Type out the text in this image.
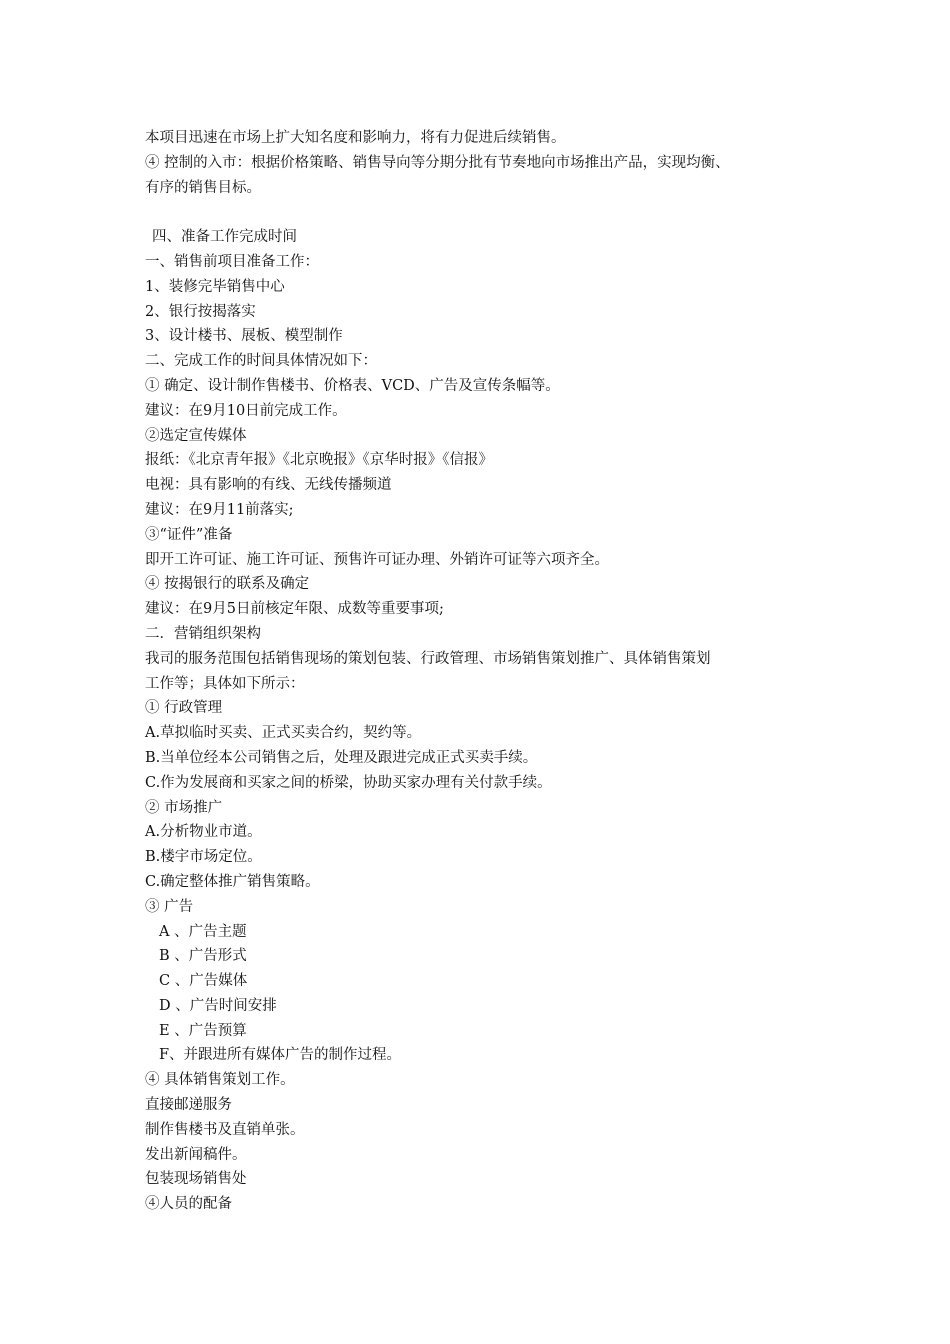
本项目迅速在市场上扩大知名度和影响力，将有力促进后续销售。
④ 控制的入市：根据价格策略、销售导向等分期分批有节奏地向市场推出产品，实现均衡、
有序的销售目标。
四、准备工作完成时间
一、销售前项目准备工作：
1、装修完毕销售中心
2、银行按揭落实
3、设计楼书、展板、模型制作
二、完成工作的时间具体情况如下：
① 确定、设计制作售楼书、价格表、VCD、广告及宣传条幅等。
建议：在9月10日前完成工作。
②选定宣传媒体
报纸：《北京青年报》《北京晚报》《京华时报》《信报》
电视：具有影响的有线、无线传播频道
建议：在9月11前落实;
③“证件”准备
即开工许可证、施工许可证、预售许可证办理、外销许可证等六项齐全。
④ 按揭银行的联系及确定
建议：在9月5日前核定年限、成数等重要事项;
二．营销组织架构
我司的服务范围包括销售现场的策划包装、行政管理、市场销售策划推广、具体销售策划
工作等；具体如下所示：
① 行政管理
A.草拟临时买卖、正式买卖合约，契约等。
B.当单位经本公司销售之后，处理及跟进完成正式买卖手续。
C.作为发展商和买家之间的桥梁，协助买家办理有关付款手续。
② 市场推广
A.分析物业市道。
B.楼宇市场定位。
C.确定整体推广销售策略。
③ 广告
A 、广告主题
B 、广告形式
C 、广告媒体
D 、广告时间安排
E 、广告预算
F、并跟进所有媒体广告的制作过程。
④ 具体销售策划工作。
直接邮递服务
制作售楼书及直销单张。
发出新闻稿件。
包装现场销售处
④人员的配备
